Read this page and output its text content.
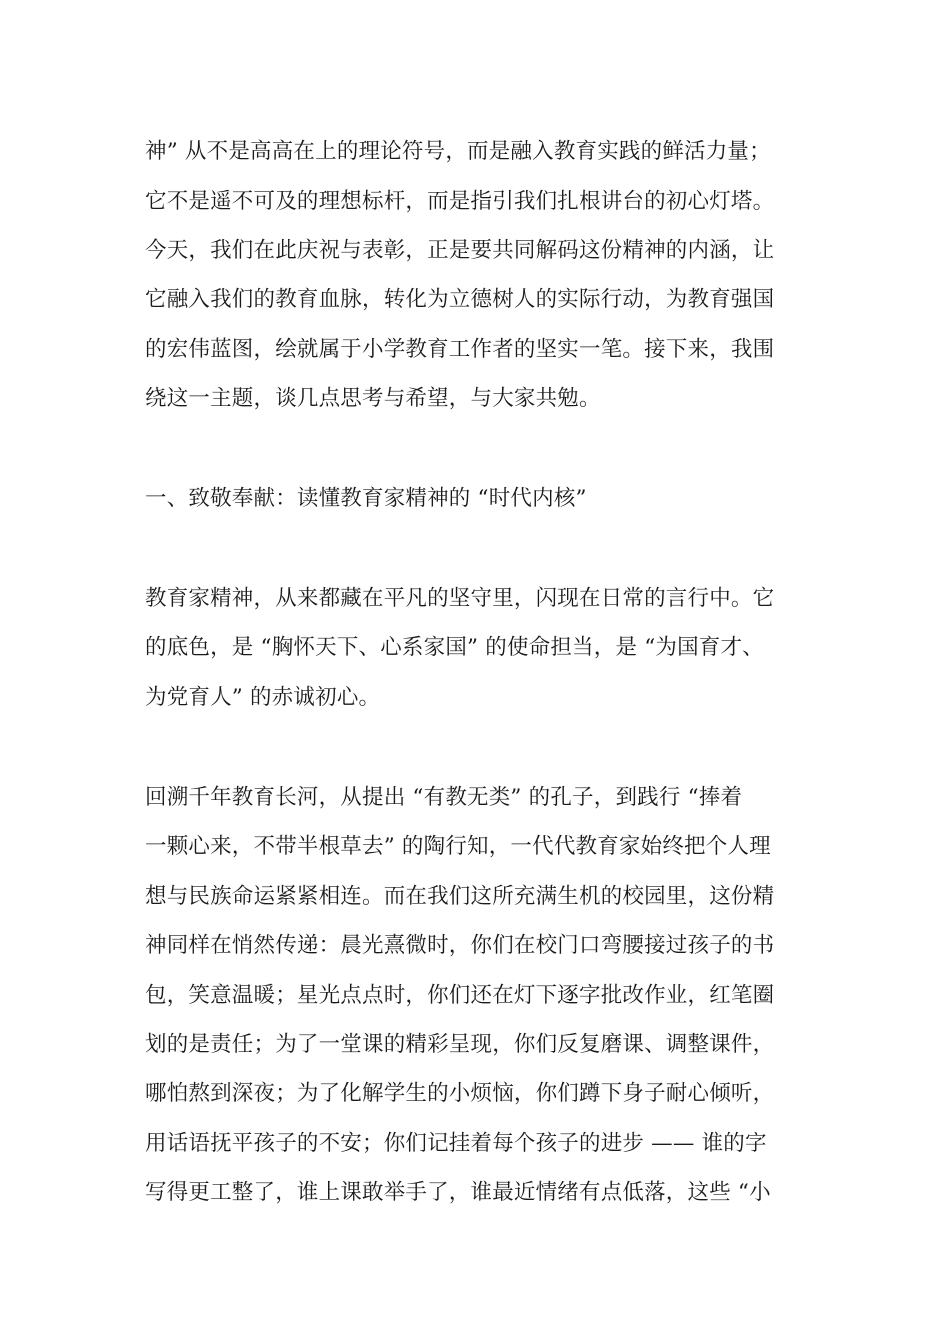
神” 从不是高高在上的理论符号，而是融入教育实践的鲜活力量；
它不是遥不可及的理想标杆，而是指引我们扎根讲台的初心灯塔。
今天，我们在此庆祝与表彰，正是要共同解码这份精神的内涵，让
它融入我们的教育血脉，转化为立德树人的实际行动，为教育强国
的宏伟蓝图，绘就属于小学教育工作者的坚实一笔。接下来，我围
绕这一主题，谈几点思考与希望，与大家共勉。
一、致敬奉献：读懂教育家精神的 “时代内核”
教育家精神，从来都藏在平凡的坚守里，闪现在日常的言行中。它
的底色，是 “胸怀天下、心系家国” 的使命担当，是 “为国育才、
为党育人” 的赤诚初心。
回溯千年教育长河，从提出 “有教无类” 的孔子，到践行 “捧着
一颗心来，不带半根草去” 的陶行知，一代代教育家始终把个人理
想与民族命运紧紧相连。而在我们这所充满生机的校园里，这份精
神同样在悄然传递：晨光熹微时，你们在校门口弯腰接过孩子的书
包，笑意温暖；星光点点时，你们还在灯下逐字批改作业，红笔圈
划的是责任；为了一堂课的精彩呈现，你们反复磨课、调整课件，
哪怕熬到深夜；为了化解学生的小烦恼，你们蹲下身子耐心倾听，
用话语抚平孩子的不安；你们记挂着每个孩子的进步 —— 谁的字
写得更工整了，谁上课敢举手了，谁最近情绪有点低落，这些 “小
